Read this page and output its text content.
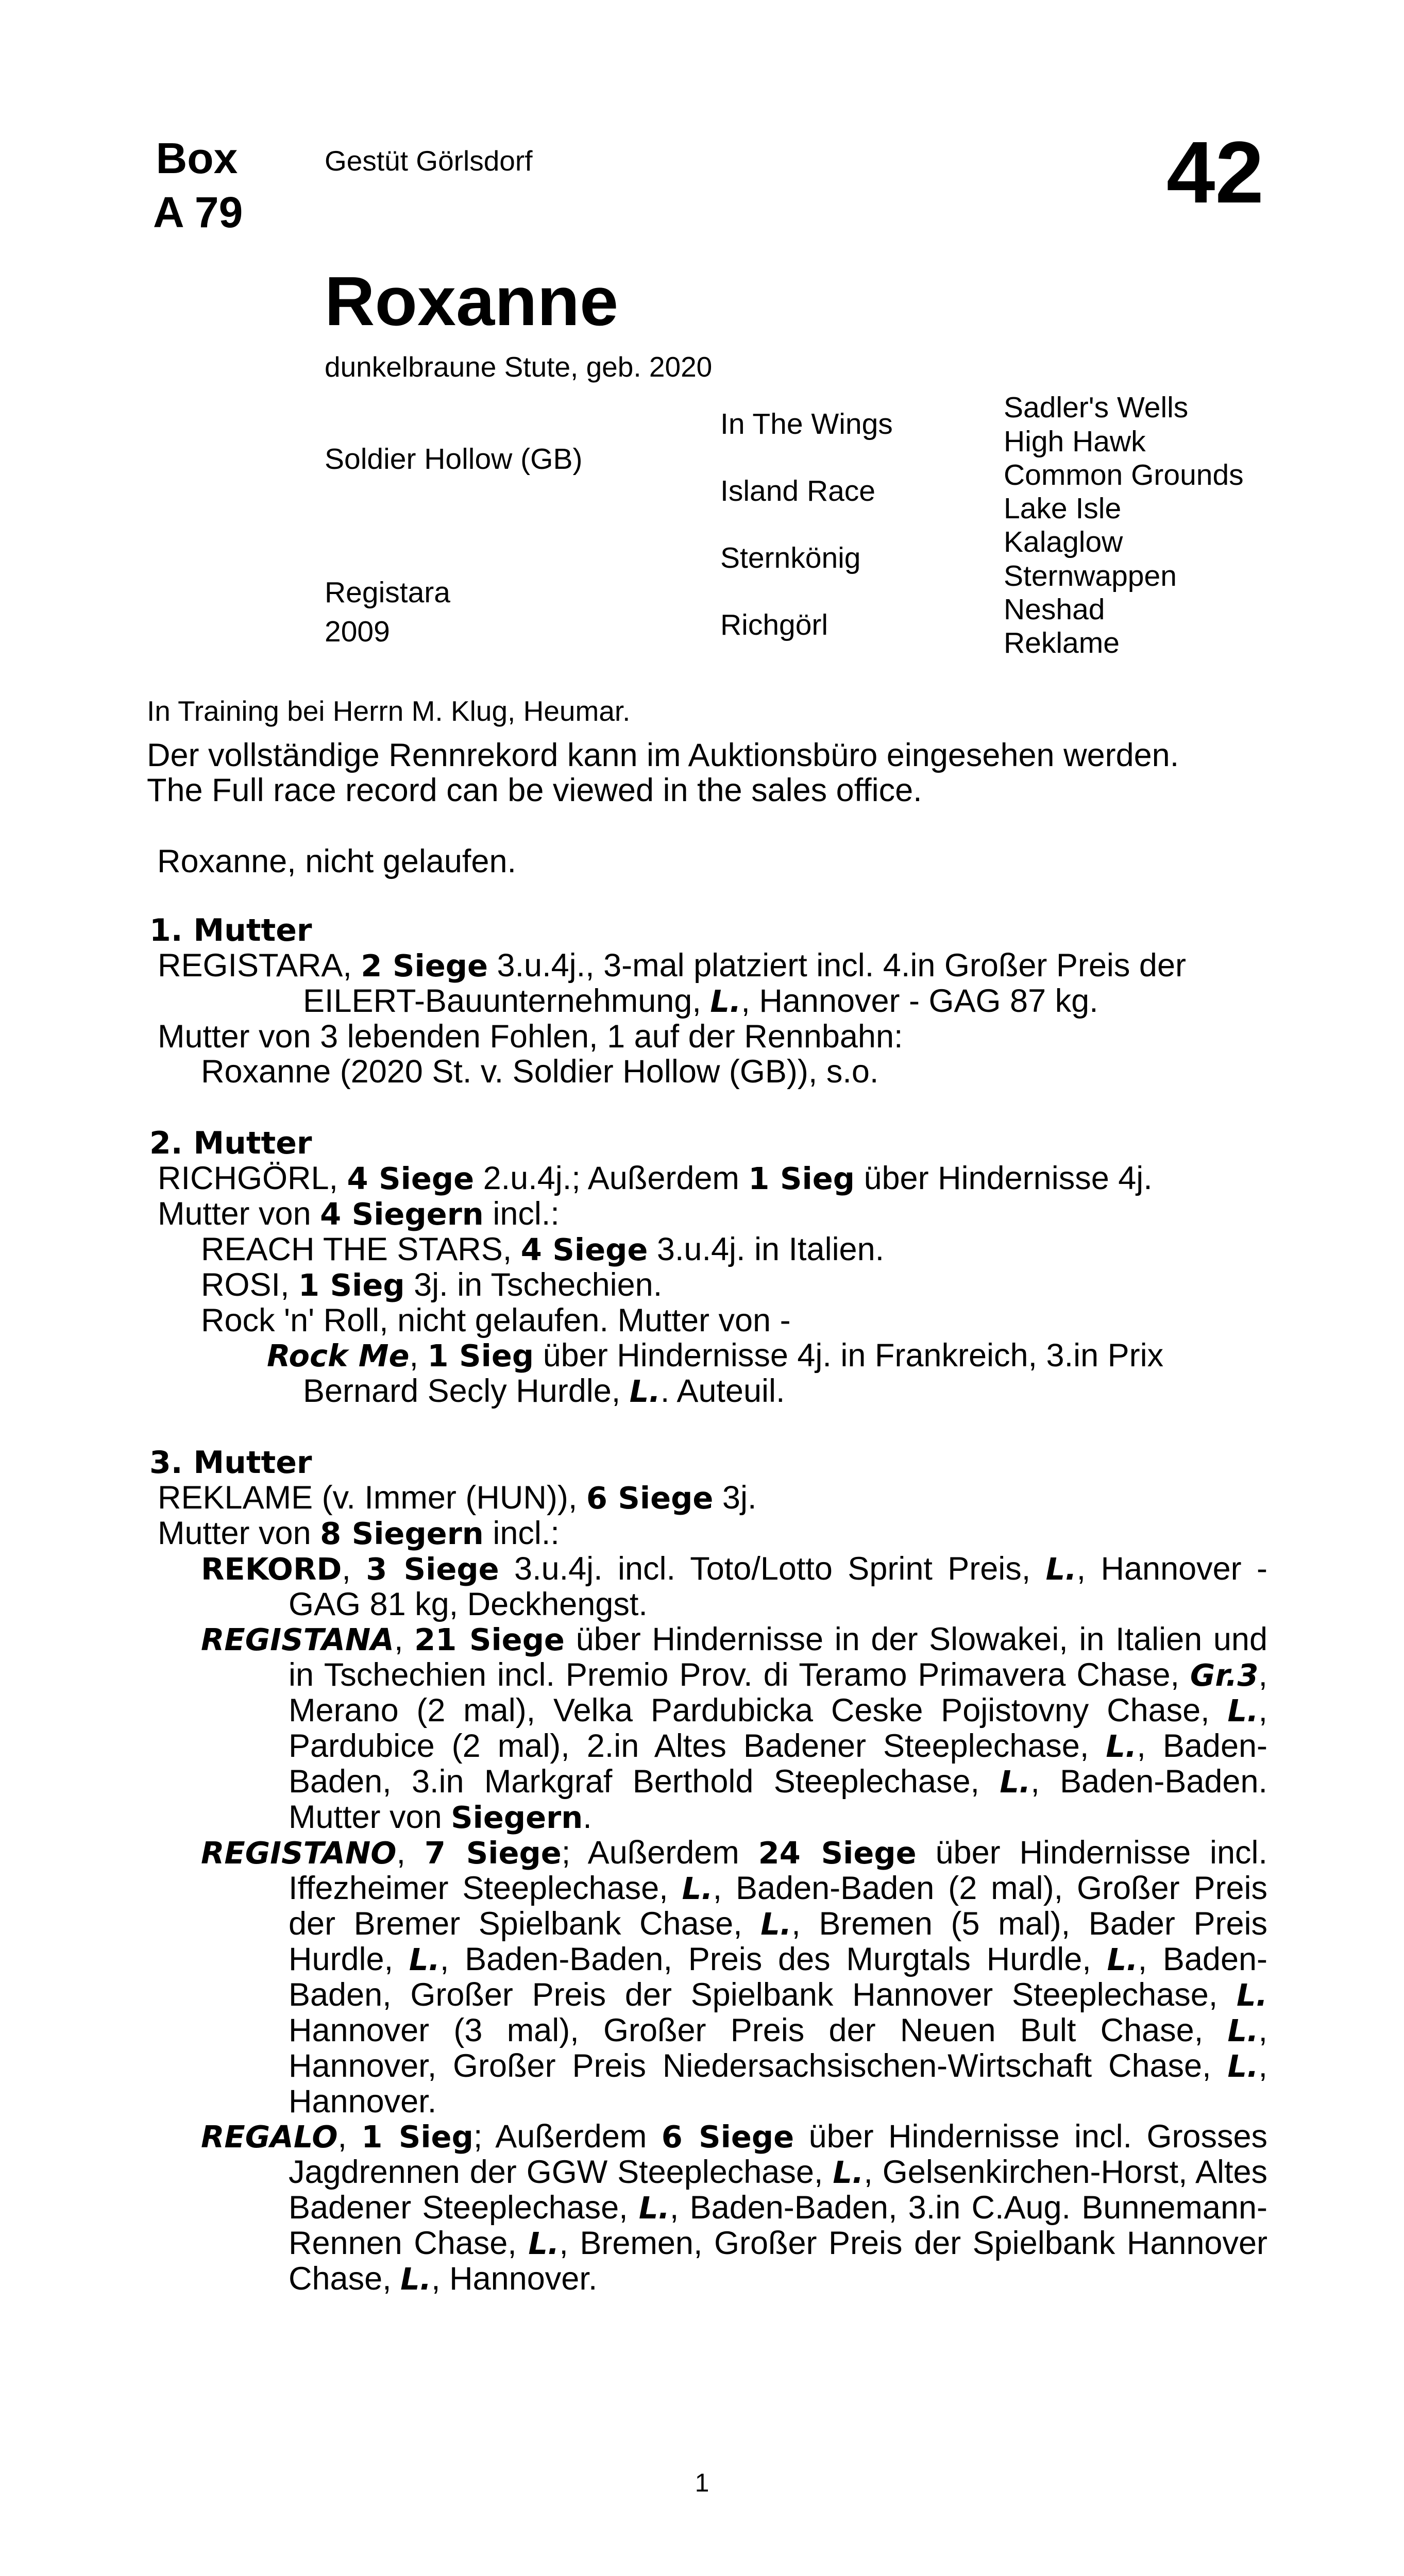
Box
A 79
Gestüt Görlsdorf	42
Roxanne
dunkelbraune Stute, geb. 2020
Soldier Hollow (GB)
Registara
2009
In The Wings
Island Race
Sternkönig
Richgörl
Sadler's Wells
High Hawk
Common Grounds
Lake Isle
Kalaglow
Sternwappen
Neshad
Reklame
In Training bei Herrn M. Klug, Heumar.
Der vollständige Rennrekord kann im Auktionsbüro eingesehen werden.
The Full race record can be viewed in the sales office.
Roxanne, nicht gelaufen.

1. Mutter

REGISTARA, 2 Siege 3.u.4j., 3-mal platziert incl. 4.in Großer Preis der

EILERT-Bauunternehmung, L., Hannover - GAG 87 kg.

Mutter von 3 lebenden Fohlen, 1 auf der Rennbahn:

Roxanne (2020 St. v. Soldier Hollow (GB)), s.o.

2. Mutter

RICHGÖRL, 4 Siege 2.u.4j.; Außerdem 1 Sieg über Hindernisse 4j.

Mutter von 4 Siegern incl.:

REACH THE STARS, 4 Siege 3.u.4j. in Italien.

ROSI, 1 Sieg 3j. in Tschechien.

Rock 'n' Roll, nicht gelaufen. Mutter von -

Rock Me, 1 Sieg über Hindernisse 4j. in Frankreich, 3.in Prix

Bernard Secly Hurdle, L.. Auteuil.

3. Mutter

REKLAME (v. Immer (HUN)), 6 Siege 3j.

Mutter von 8 Siegern incl.:

REKORD, 3 Siege 3.u.4j. incl. Toto/Lotto Sprint Preis, L., Hannover - GAG 81 kg, Deckhengst.

REGISTANA, 21 Siege über Hindernisse in der Slowakei, in Italien und in Tschechien incl. Premio Prov. di Teramo Primavera Chase, Gr.3, Merano (2 mal), Velka Pardubicka Ceske Pojistovny Chase, L., Pardubice (2 mal), 2.in Altes Badener Steeplechase, L., Baden-Baden, 3.in Markgraf Berthold Steeplechase, L., Baden-Baden. Mutter von Siegern.

REGISTANO, 7 Siege; Außerdem 24 Siege über Hindernisse incl. Iffezheimer Steeplechase, L., Baden-Baden (2 mal), Großer Preis der Bremer Spielbank Chase, L., Bremen (5 mal), Bader Preis Hurdle, L., Baden-Baden, Preis des Murgtals Hurdle, L., Baden-Baden, Großer Preis der Spielbank Hannover Steeplechase, L. Hannover (3 mal), Großer Preis der Neuen Bult Chase, L., Hannover, Großer Preis Niedersachsischen-Wirtschaft Chase, L., Hannover.

REGALO, 1 Sieg; Außerdem 6 Siege über Hindernisse incl. Grosses Jagdrennen der GGW Steeplechase, L., Gelsenkirchen-Horst, Altes Badener Steeplechase, L., Baden-Baden, 3.in C.Aug. Bunnemann-Rennen Chase, L., Bremen, Großer Preis der Spielbank Hannover Chase, L., Hannover.

1
